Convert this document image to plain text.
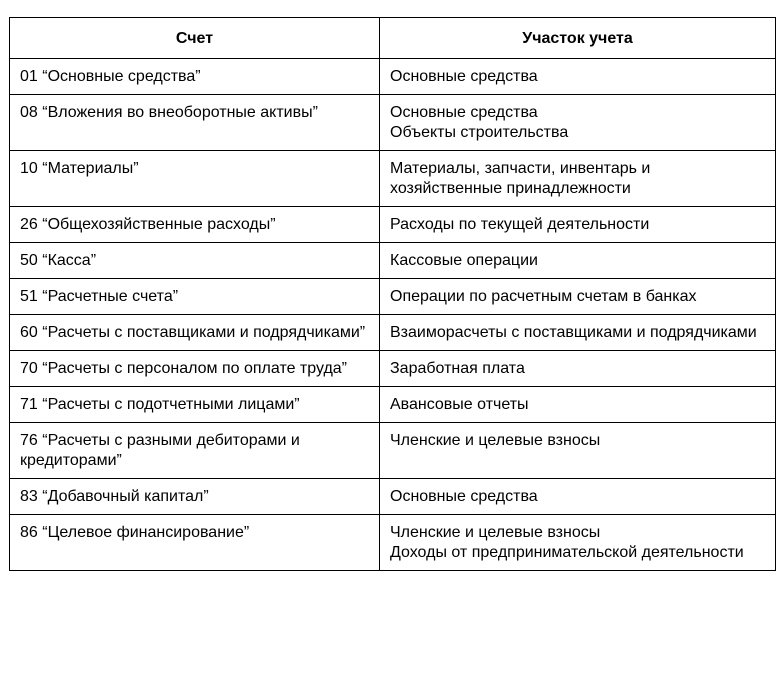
Счет	Участок учета

01 “Основные средства”	Основные средства

08 “Вложения во внеоборотные активы”	Основные средства
Объекты строительства

10 “Материалы”	Материалы, запчасти, инвентарь и хозяйственные принадлежности

26 “Общехозяйственные расходы”	Расходы по текущей деятельности

50 “Касса”	Кассовые операции

51 “Расчетные счета”	Операции по расчетным счетам в банках

60 “Расчеты с поставщиками и подрядчиками”	Взаиморасчеты с поставщиками и подрядчиками

70 “Расчеты с персоналом по оплате труда”	Заработная плата

71 “Расчеты с подотчетными лицами”	Авансовые отчеты

76 “Расчеты с разными дебиторами и кредиторами”	Членские и целевые взносы

83 “Добавочный капитал”	Основные средства

86 “Целевое финансирование”	Членские и целевые взносы
Доходы от предпринимательской деятельности
